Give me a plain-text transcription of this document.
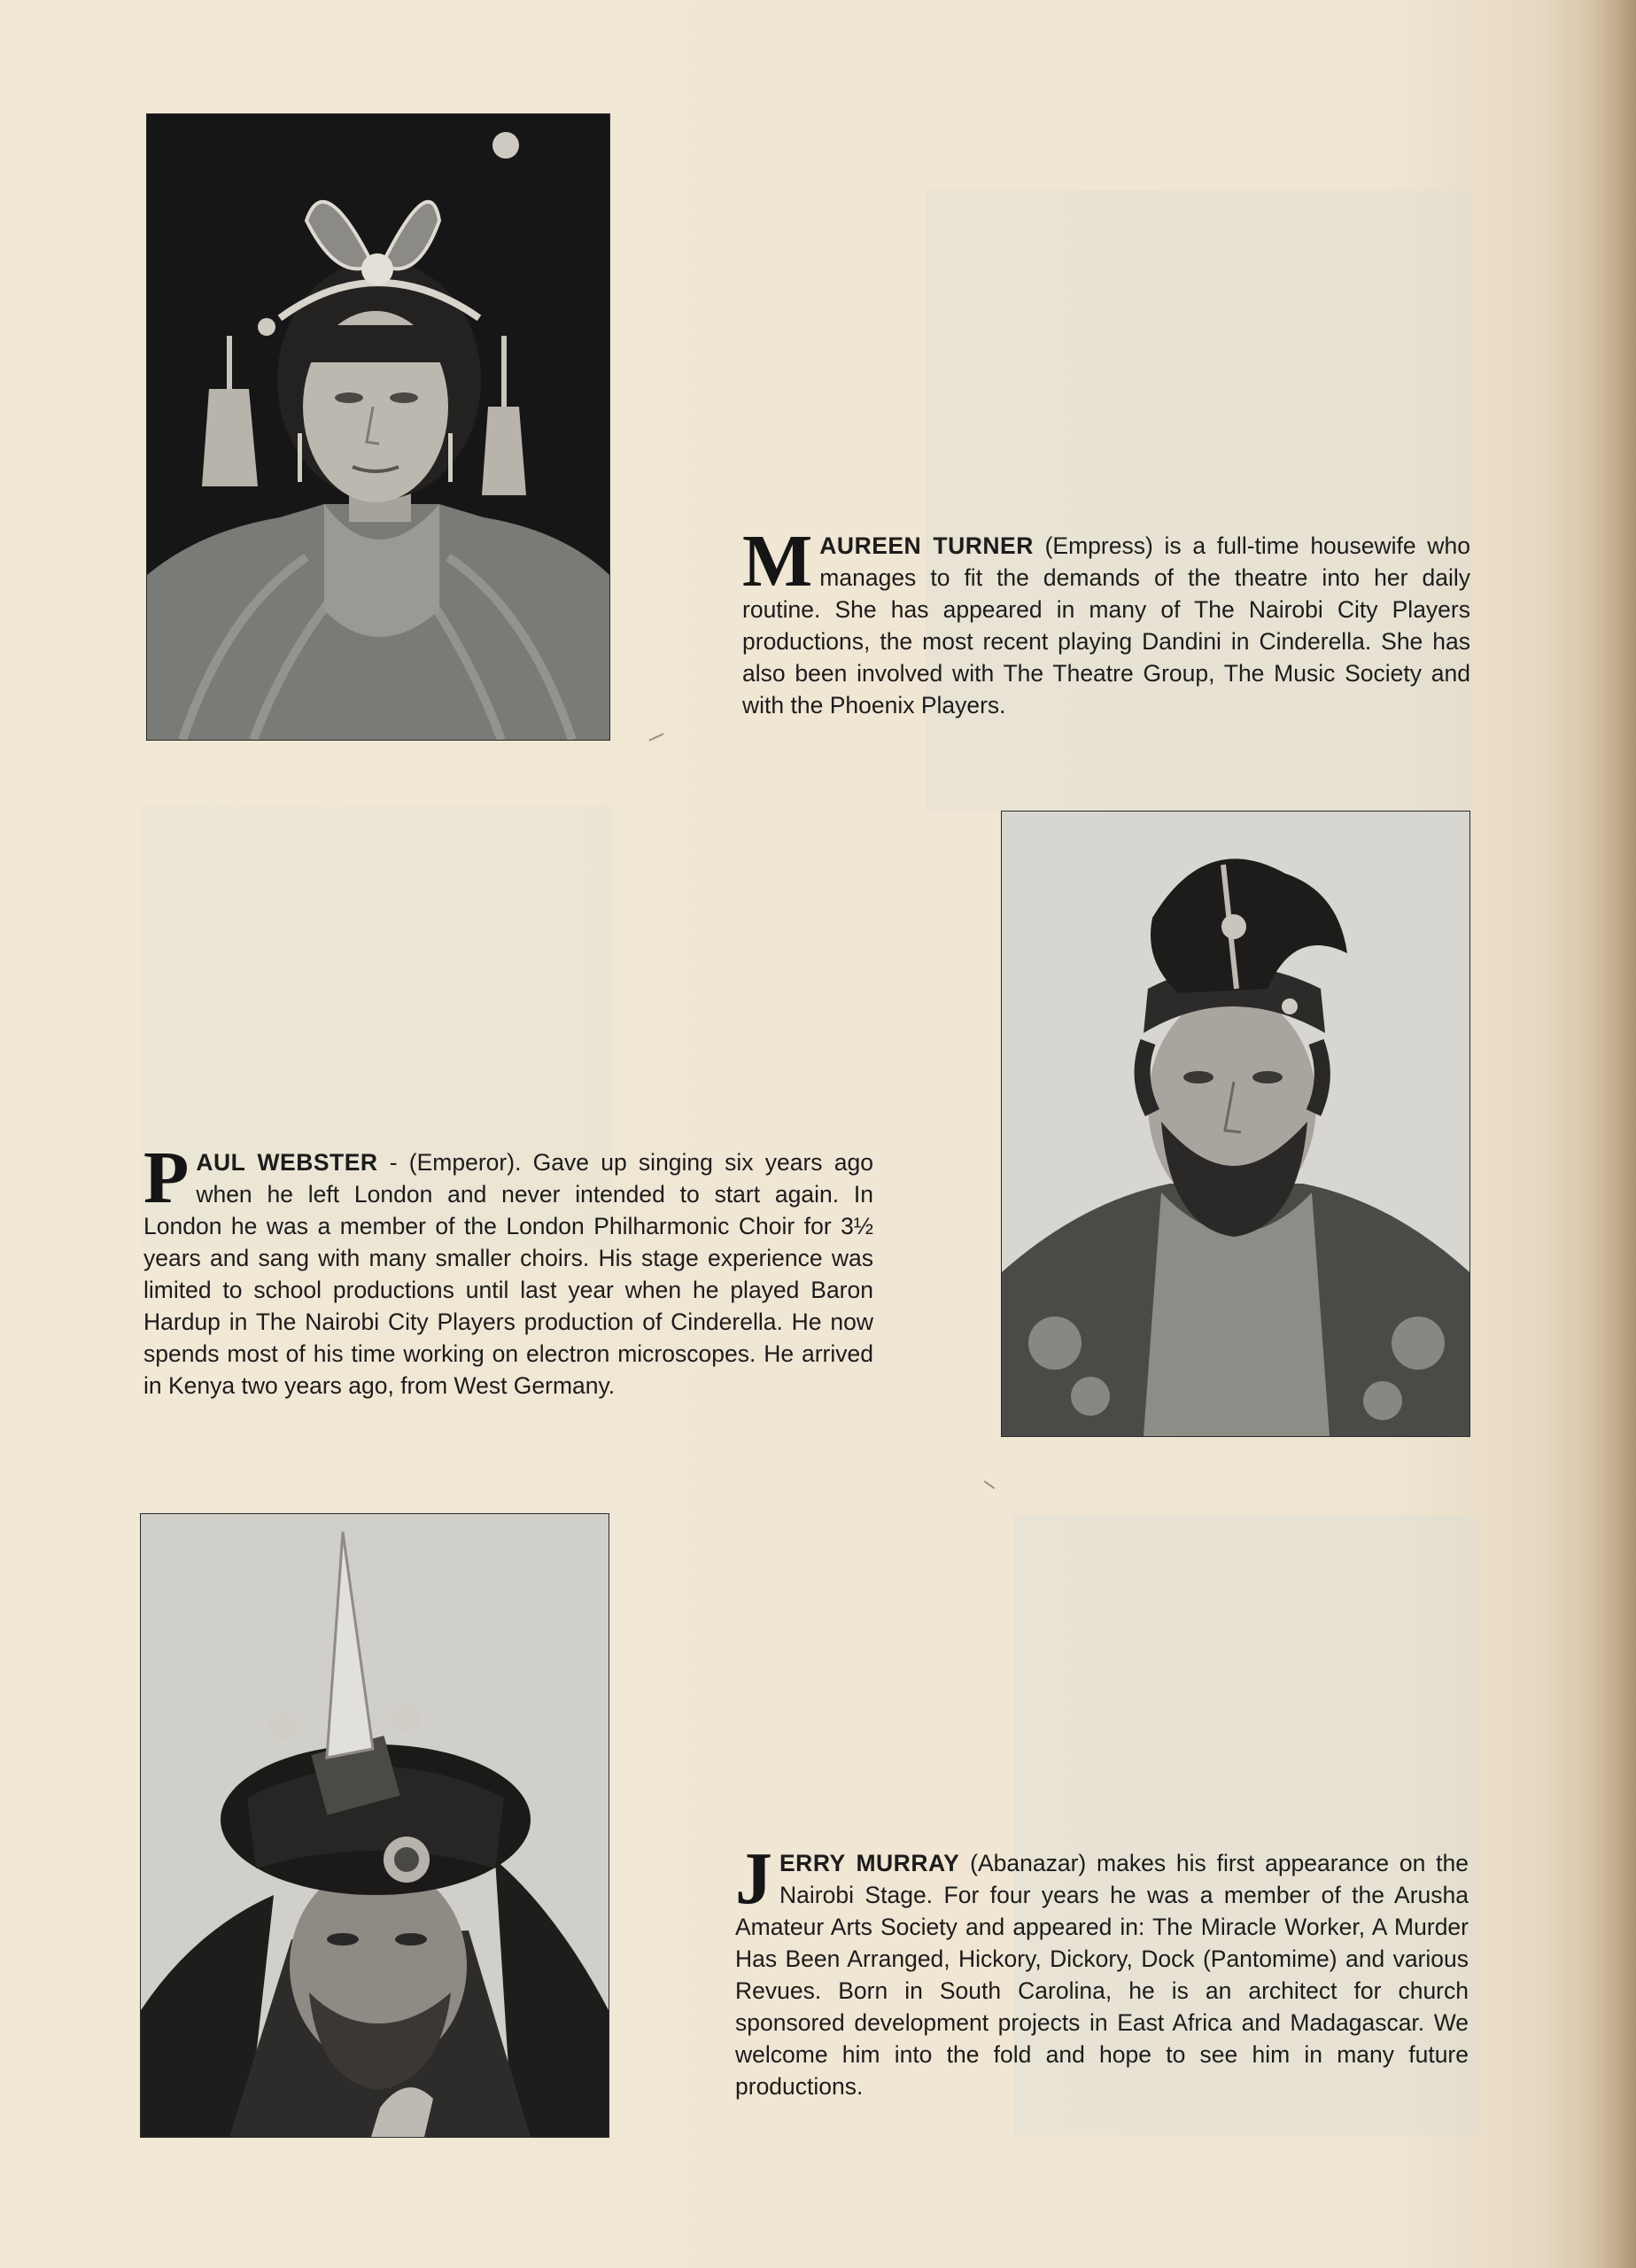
MAUREEN TURNER (Empress) is a full-time housewife who manages to fit the demands of the theatre into her daily routine. She has appeared in many of The Nairobi City Players productions, the most recent playing Dandini in Cinderella. She has also been involved with The Theatre Group, The Music Society and with the Phoenix Players.
PAUL WEBSTER - (Emperor). Gave up singing six years ago when he left London and never intended to start again. In London he was a member of the London Philharmonic Choir for 3½ years and sang with many smaller choirs. His stage experience was limited to school productions until last year when he played Baron Hardup in The Nairobi City Players production of Cinderella. He now spends most of his time working on electron microscopes. He arrived in Kenya two years ago, from West Germany.
JERRY MURRAY (Abanazar) makes his first appearance on the Nairobi Stage. For four years he was a member of the Arusha Amateur Arts Society and appeared in: The Miracle Worker, A Murder Has Been Arranged, Hickory, Dickory, Dock (Pantomime) and various Revues. Born in South Carolina, he is an architect for church sponsored development projects in East Africa and Madagascar. We welcome him into the fold and hope to see him in many future productions.
